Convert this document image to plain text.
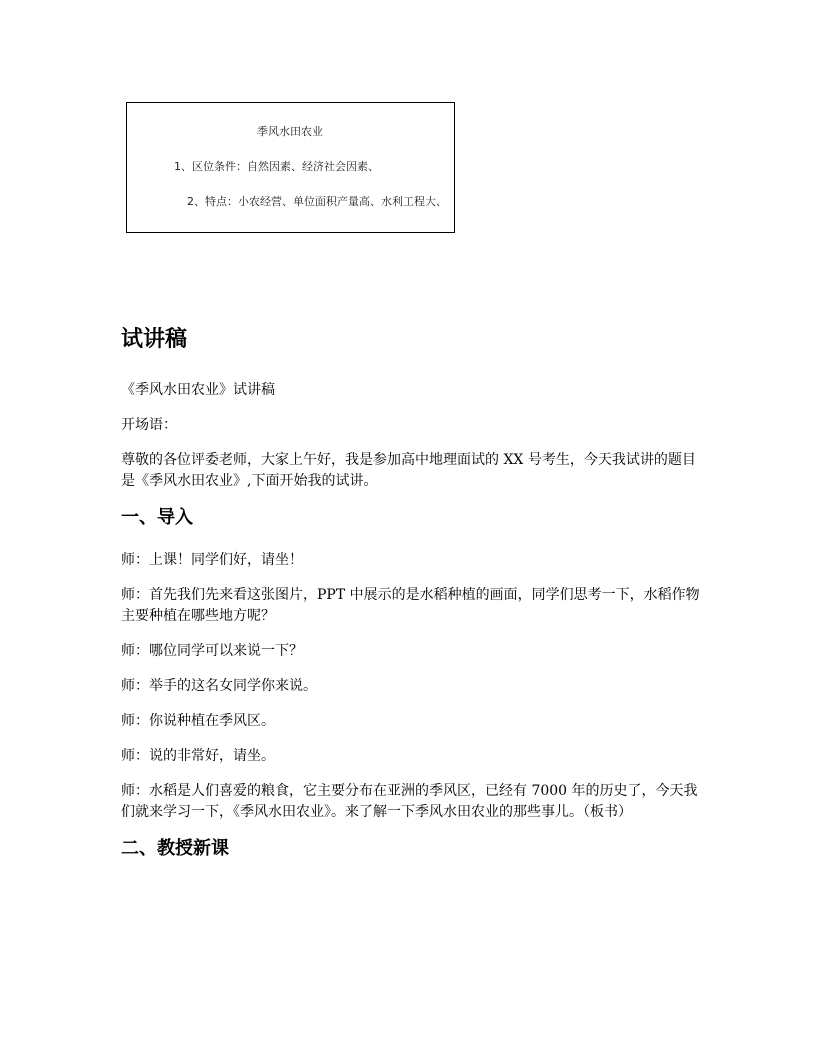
季风水田农业
1、区位条件：自然因素、经济社会因素、
2、特点：小农经营、单位面积产量高、水利工程大、
试讲稿

《季风水田农业》试讲稿

开场语：

尊敬的各位评委老师，大家上午好，我是参加高中地理面试的 XX 号考生，今天我试讲的题目是《季风水田农业》,下面开始我的试讲。

一、导入

师：上课！同学们好，请坐！

师：首先我们先来看这张图片，PPT 中展示的是水稻种植的画面，同学们思考一下，水稻作物主要种植在哪些地方呢？

师：哪位同学可以来说一下？

师：举手的这名女同学你来说。

师：你说种植在季风区。

师：说的非常好，请坐。

师：水稻是人们喜爱的粮食，它主要分布在亚洲的季风区，已经有 7000 年的历史了，今天我们就来学习一下，《季风水田农业》。来了解一下季风水田农业的那些事儿。（板书）

二、教授新课
